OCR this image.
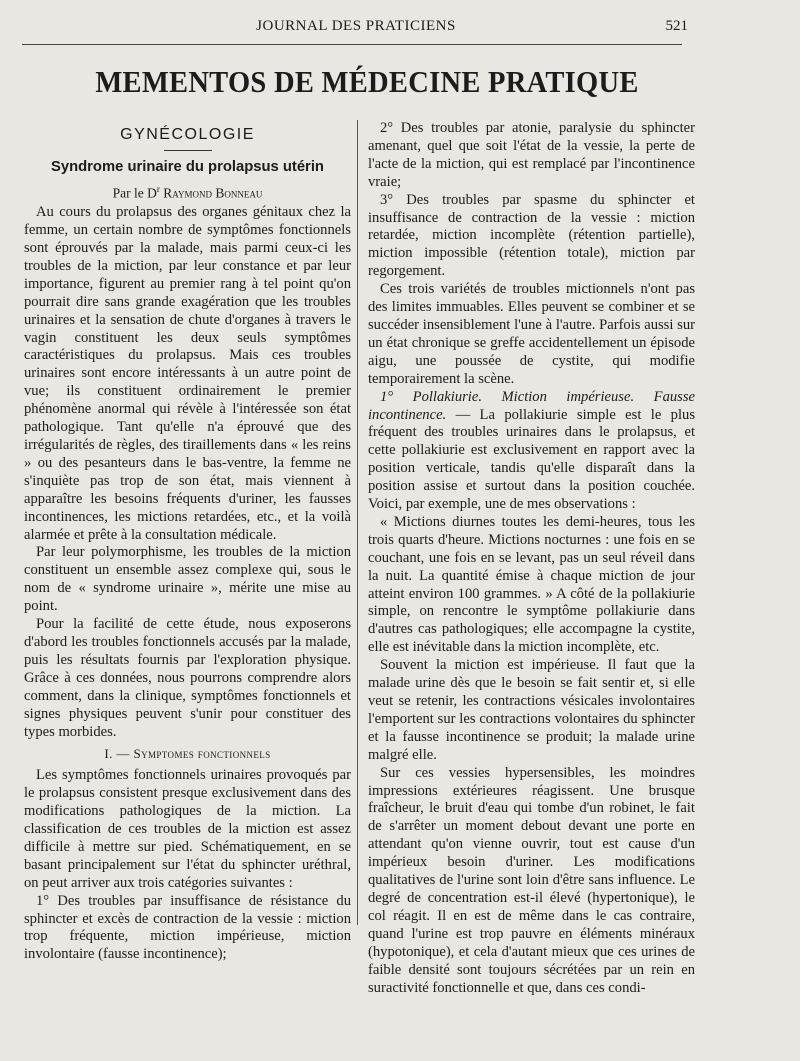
JOURNAL DES PRATICIENS	521
MEMENTOS DE MÉDECINE PRATIQUE
GYNÉCOLOGIE
Syndrome urinaire du prolapsus utérin
Par le $D^r$ Raymond Bonneau

Au cours du prolapsus des organes génitaux chez la femme, un certain nombre de symptômes fonctionnels sont éprouvés par la malade, mais parmi ceux-ci les troubles de la miction, par leur constance et par leur importance, figurent au premier rang à tel point qu'on pourrait dire sans grande exagération que les troubles urinaires et la sensation de chute d'organes à travers le vagin constituent les deux seuls symptômes caractéristiques du prolapsus. Mais ces troubles urinaires sont encore intéressants à un autre point de vue; ils constituent ordinairement le premier phénomène anormal qui révèle à l'intéressée son état pathologique. Tant qu'elle n'a éprouvé que des irrégularités de règles, des tiraillements dans « les reins » ou des pesanteurs dans le bas-ventre, la femme ne s'inquiète pas trop de son état, mais viennent à apparaître les besoins fréquents d'uriner, les fausses incontinences, les mictions retardées, etc., et la voilà alarmée et prête à la consultation médicale.

Par leur polymorphisme, les troubles de la miction constituent un ensemble assez complexe qui, sous le nom de « syndrome urinaire », mérite une mise au point.

Pour la facilité de cette étude, nous exposerons d'abord les troubles fonctionnels accusés par la malade, puis les résultats fournis par l'exploration physique. Grâce à ces données, nous pourrons comprendre alors comment, dans la clinique, symptômes fonctionnels et signes physiques peuvent s'unir pour constituer des types morbides.

I. — Symptomes fonctionnels

Les symptômes fonctionnels urinaires provoqués par le prolapsus consistent presque exclusivement dans des modifications pathologiques de la miction. La classification de ces troubles de la miction est assez difficile à mettre sur pied. Schématiquement, en se basant principalement sur l'état du sphincter uréthral, on peut arriver aux trois catégories suivantes :

1° Des troubles par insuffisance de résistance du sphincter et excès de contraction de la vessie : miction trop fréquente, miction impérieuse, miction involontaire (fausse incontinence);

2° Des troubles par atonie, paralysie du sphincter amenant, quel que soit l'état de la vessie, la perte de l'acte de la miction, qui est remplacé par l'incontinence vraie;

3° Des troubles par spasme du sphincter et insuffisance de contraction de la vessie : miction retardée, miction incomplète (rétention partielle), miction impossible (rétention totale), miction par regorgement.

Ces trois variétés de troubles mictionnels n'ont pas des limites immuables. Elles peuvent se combiner et se succéder insensiblement l'une à l'autre. Parfois aussi sur un état chronique se greffe accidentellement un épisode aigu, une poussée de cystite, qui modifie temporairement la scène.

1° Pollakiurie. Miction impérieuse. Fausse incontinence. — La pollakiurie simple est le plus fréquent des troubles urinaires dans le prolapsus, et cette pollakiurie est exclusivement en rapport avec la position verticale, tandis qu'elle disparaît dans la position assise et surtout dans la position couchée. Voici, par exemple, une de mes observations :

« Mictions diurnes toutes les demi-heures, tous les trois quarts d'heure. Mictions nocturnes : une fois en se couchant, une fois en se levant, pas un seul réveil dans la nuit. La quantité émise à chaque miction de jour atteint environ 100 grammes. » A côté de la pollakiurie simple, on rencontre le symptôme pollakiurie dans d'autres cas pathologiques; elle accompagne la cystite, elle est inévitable dans la miction incomplète, etc.

Souvent la miction est impérieuse. Il faut que la malade urine dès que le besoin se fait sentir et, si elle veut se retenir, les contractions vésicales involontaires l'emportent sur les contractions volontaires du sphincter et la fausse incontinence se produit; la malade urine malgré elle.

Sur ces vessies hypersensibles, les moindres impressions extérieures réagissent. Une brusque fraîcheur, le bruit d'eau qui tombe d'un robinet, le fait de s'arrêter un moment debout devant une porte en attendant qu'on vienne ouvrir, tout est cause d'un impérieux besoin d'uriner. Les modifications qualitatives de l'urine sont loin d'être sans influence. Le degré de concentration est-il élevé (hypertonique), le col réagit. Il en est de même dans le cas contraire, quand l'urine est trop pauvre en éléments minéraux (hypotonique), et cela d'autant mieux que ces urines de faible densité sont toujours sécrétées par un rein en suractivité fonctionnelle et que, dans ces condi-
